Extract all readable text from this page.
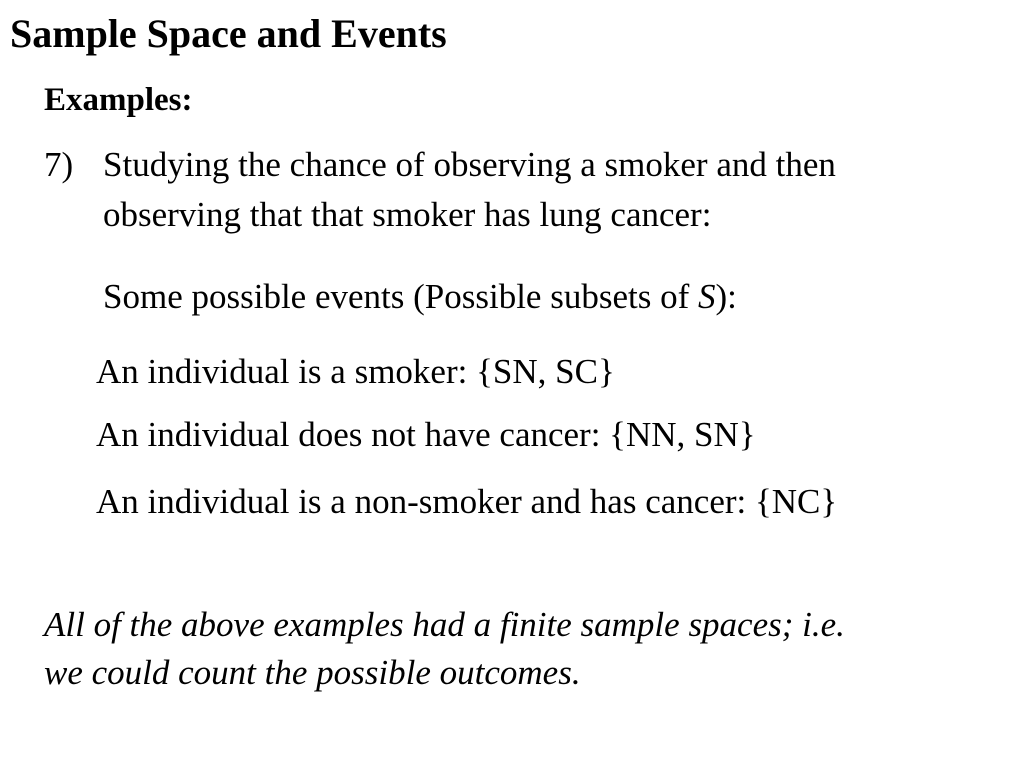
Sample Space and Events
Examples:
7) Studying the chance of observing a smoker and then
observing that that smoker has lung cancer:
Some possible events (Possible subsets of S):
An individual is a smoker: {SN, SC}
An individual does not have cancer: {NN, SN}
An individual is a non-smoker and has cancer: {NC}
All of the above examples had a finite sample spaces; i.e.
we could count the possible outcomes.
